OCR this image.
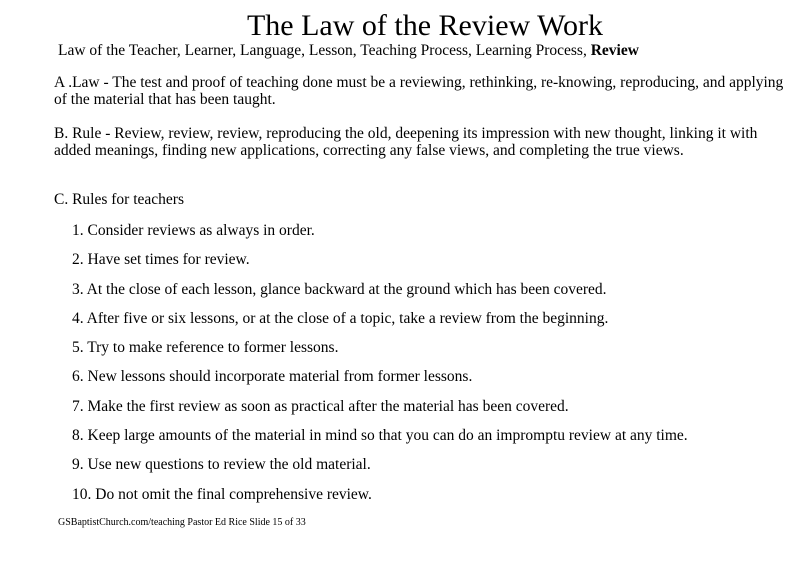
The Law of the Review Work
Law of the Teacher, Learner, Language, Lesson, Teaching Process, Learning Process, Review
A .Law - The test and proof of teaching done must be a reviewing, rethinking, re-knowing, reproducing, and applying of the material that has been taught.
B. Rule - Review, review, review, reproducing the old, deepening its impression with new thought, linking it with added meanings, finding new applications, correcting any false views, and completing the true views.
C. Rules for teachers
1. Consider reviews as always in order.
2. Have set times for review.
3. At the close of each lesson, glance backward at the ground which has been covered.
4. After five or six lessons, or at the close of a topic, take a review from the beginning.
5. Try to make reference to former lessons.
6. New lessons should incorporate material from former lessons.
7. Make the first review as soon as practical after the material has been covered.
8. Keep large amounts of the material in mind so that you can do an impromptu review at any time.
9. Use new questions to review the old material.
10. Do not omit the final comprehensive review.
GSBaptistChurch.com/teaching Pastor Ed Rice Slide 15 of 33
